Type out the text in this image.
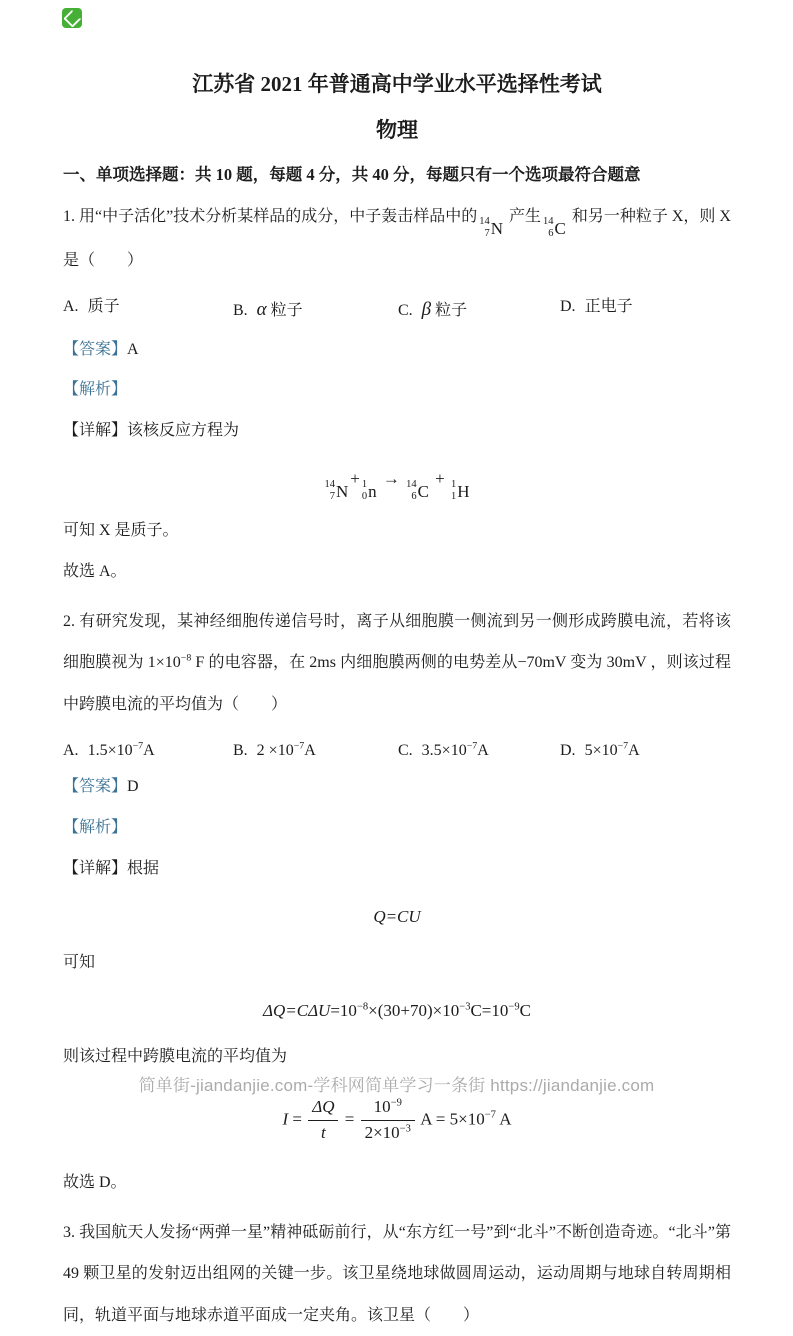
江苏省 2021 年普通高中学业水平选择性考试
物理
一、单项选择题：共 10 题，每题 4 分，共 40 分，每题只有一个选项最符合题意

1. 用“中子活化”技术分析某样品的成分，中子轰击样品中的 14
7 N
产生 14
6 C
和另一种粒子 X，则 X 是（　　）

A. 质子	B. α 粒子	C. β 粒子	D. 正电子

【答案】A

【解析】

【详解】该核反应方程为

14
7 N
+ 1
0 n
→ 14
6 C
+ 1
1 H

可知 X 是质子。

故选 A。

2. 有研究发现，某神经细胞传递信号时，离子从细胞膜一侧流到另一侧形成跨膜电流，若将该细胞膜视为 $1\times 10^{-8}$ F 的电容器，在 2ms 内细胞膜两侧的电势差从−70mV 变为 30mV ，则该过程中跨膜电流的平均值为（　　）

A. $1.5\times 10^{-7}A$	B. $2 \times 10^{-7}A$	C. $3.5\times 10^{-7}A$	D. $5\times 10^{-7}A$

【答案】D

【解析】

【详解】根据

Q=CU

可知

$\Delta Q=C\Delta U=10^{-8}\times(30+70)\times 10^{-3}C=10^{-9}C$

则该过程中跨膜电流的平均值为

$I = \frac{\Delta Q}{t} = \frac{10^{-9}}{2\times 10^{-3}}$ $A = 5\times 10^{-7}$ A

故选 D。

3. 我国航天人发扬“两弹一星”精神砥砺前行，从“东方红一号”到“北斗”不断创造奇迹。“北斗”第 49 颗卫星的发射迈出组网的关键一步。该卫星绕地球做圆周运动，运动周期与地球自转周期相同，轨道平面与地球赤道平面成一定夹角。该卫星（　　）

简单街-jiandanjie.com-学科网简单学习一条街 https://jiandanjie.com
